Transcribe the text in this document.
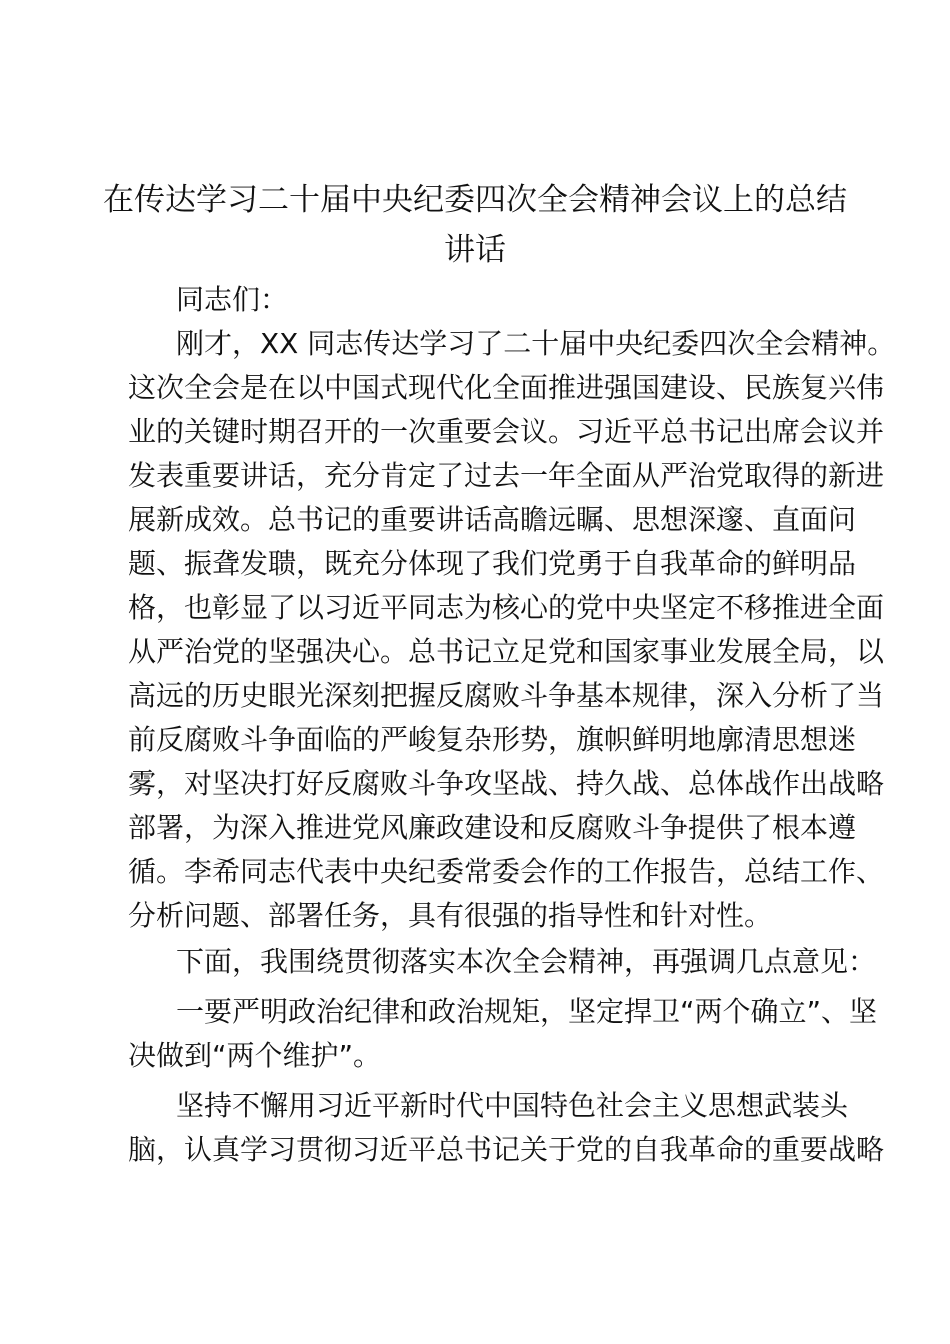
在传达学习二十届中央纪委四次全会精神会议上的总结
讲话
同志们：
刚才，XX 同志传达学习了二十届中央纪委四次全会精神。
这次全会是在以中国式现代化全面推进强国建设、民族复兴伟
业的关键时期召开的一次重要会议。习近平总书记出席会议并
发表重要讲话，充分肯定了过去一年全面从严治党取得的新进
展新成效。总书记的重要讲话高瞻远瞩、思想深邃、直面问
题、振聋发聩，既充分体现了我们党勇于自我革命的鲜明品
格，也彰显了以习近平同志为核心的党中央坚定不移推进全面
从严治党的坚强决心。总书记立足党和国家事业发展全局，以
高远的历史眼光深刻把握反腐败斗争基本规律，深入分析了当
前反腐败斗争面临的严峻复杂形势，旗帜鲜明地廓清思想迷
雾，对坚决打好反腐败斗争攻坚战、持久战、总体战作出战略
部署，为深入推进党风廉政建设和反腐败斗争提供了根本遵
循。李希同志代表中央纪委常委会作的工作报告，总结工作、
分析问题、部署任务，具有很强的指导性和针对性。
下面，我围绕贯彻落实本次全会精神，再强调几点意见：
一要严明政治纪律和政治规矩，坚定捍卫“两个确立”、坚
决做到“两个维护”。
坚持不懈用习近平新时代中国特色社会主义思想武装头
脑，认真学习贯彻习近平总书记关于党的自我革命的重要战略
